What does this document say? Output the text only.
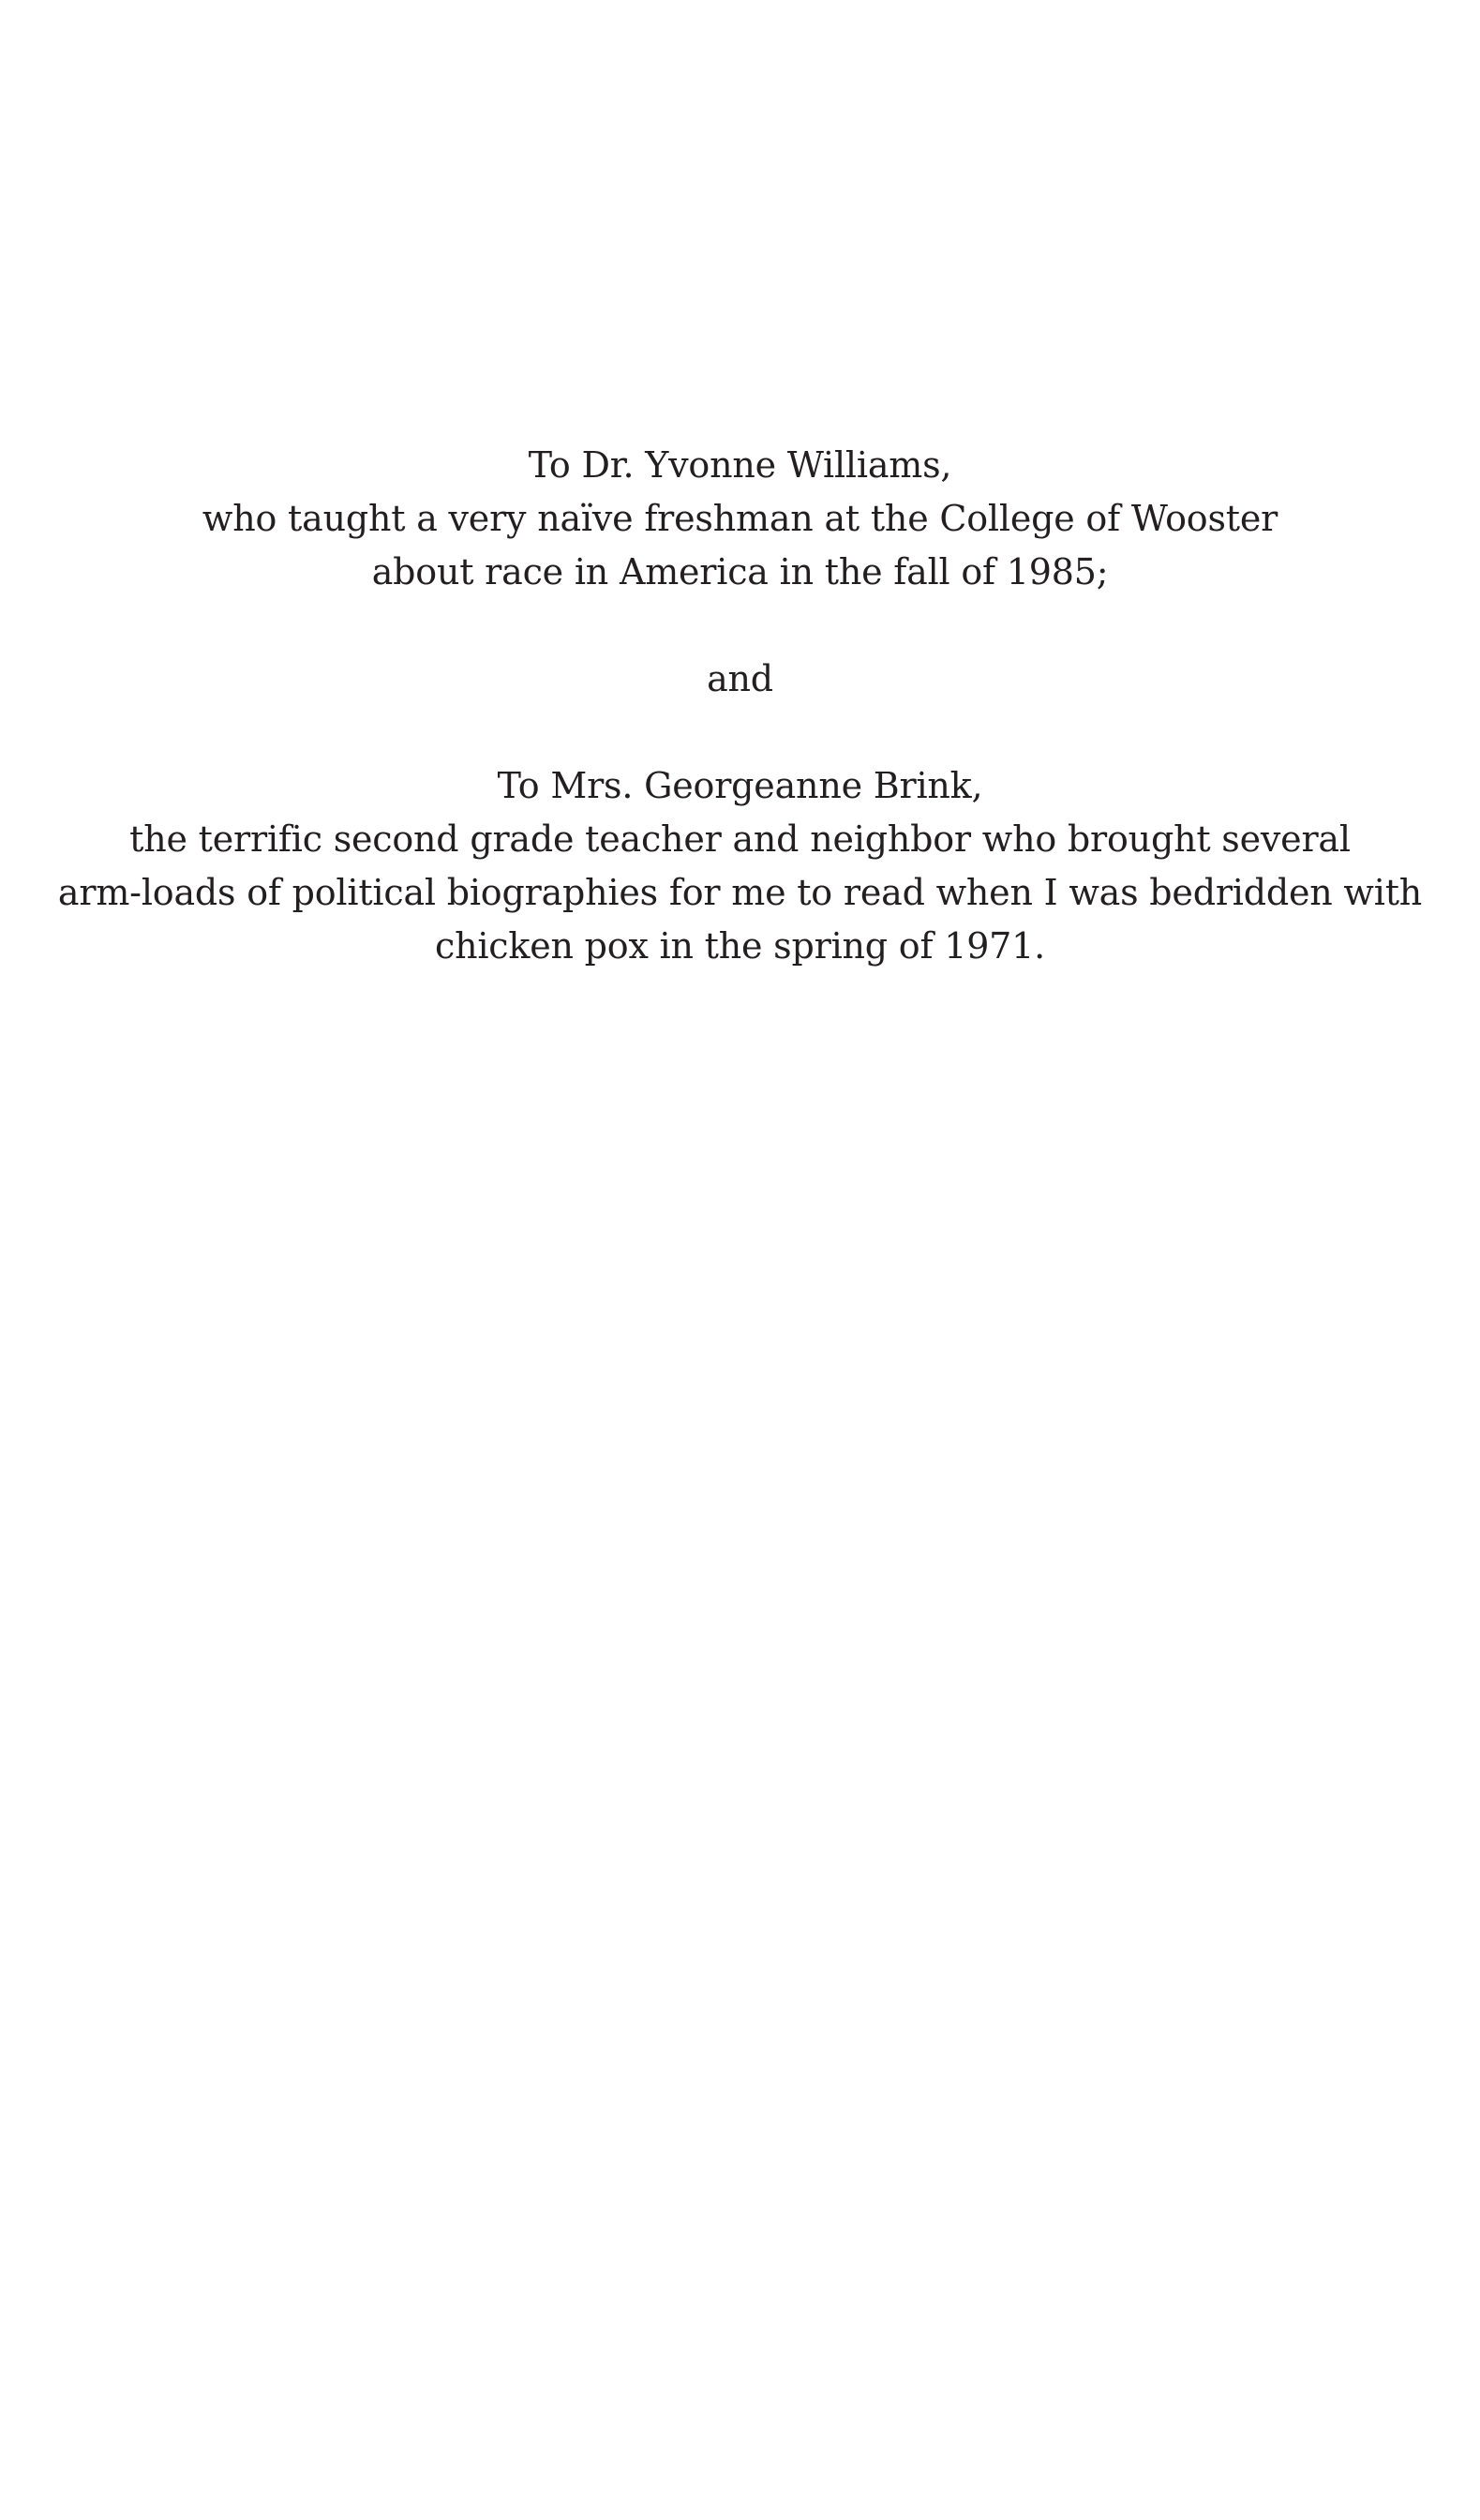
To Dr. Yvonne Williams,
who taught a very naïve freshman at the College of Wooster
about race in America in the fall of 1985;

and

To Mrs. Georgeanne Brink,
the terrific second grade teacher and neighbor who brought several
arm-loads of political biographies for me to read when I was bedridden with
chicken pox in the spring of 1971.
